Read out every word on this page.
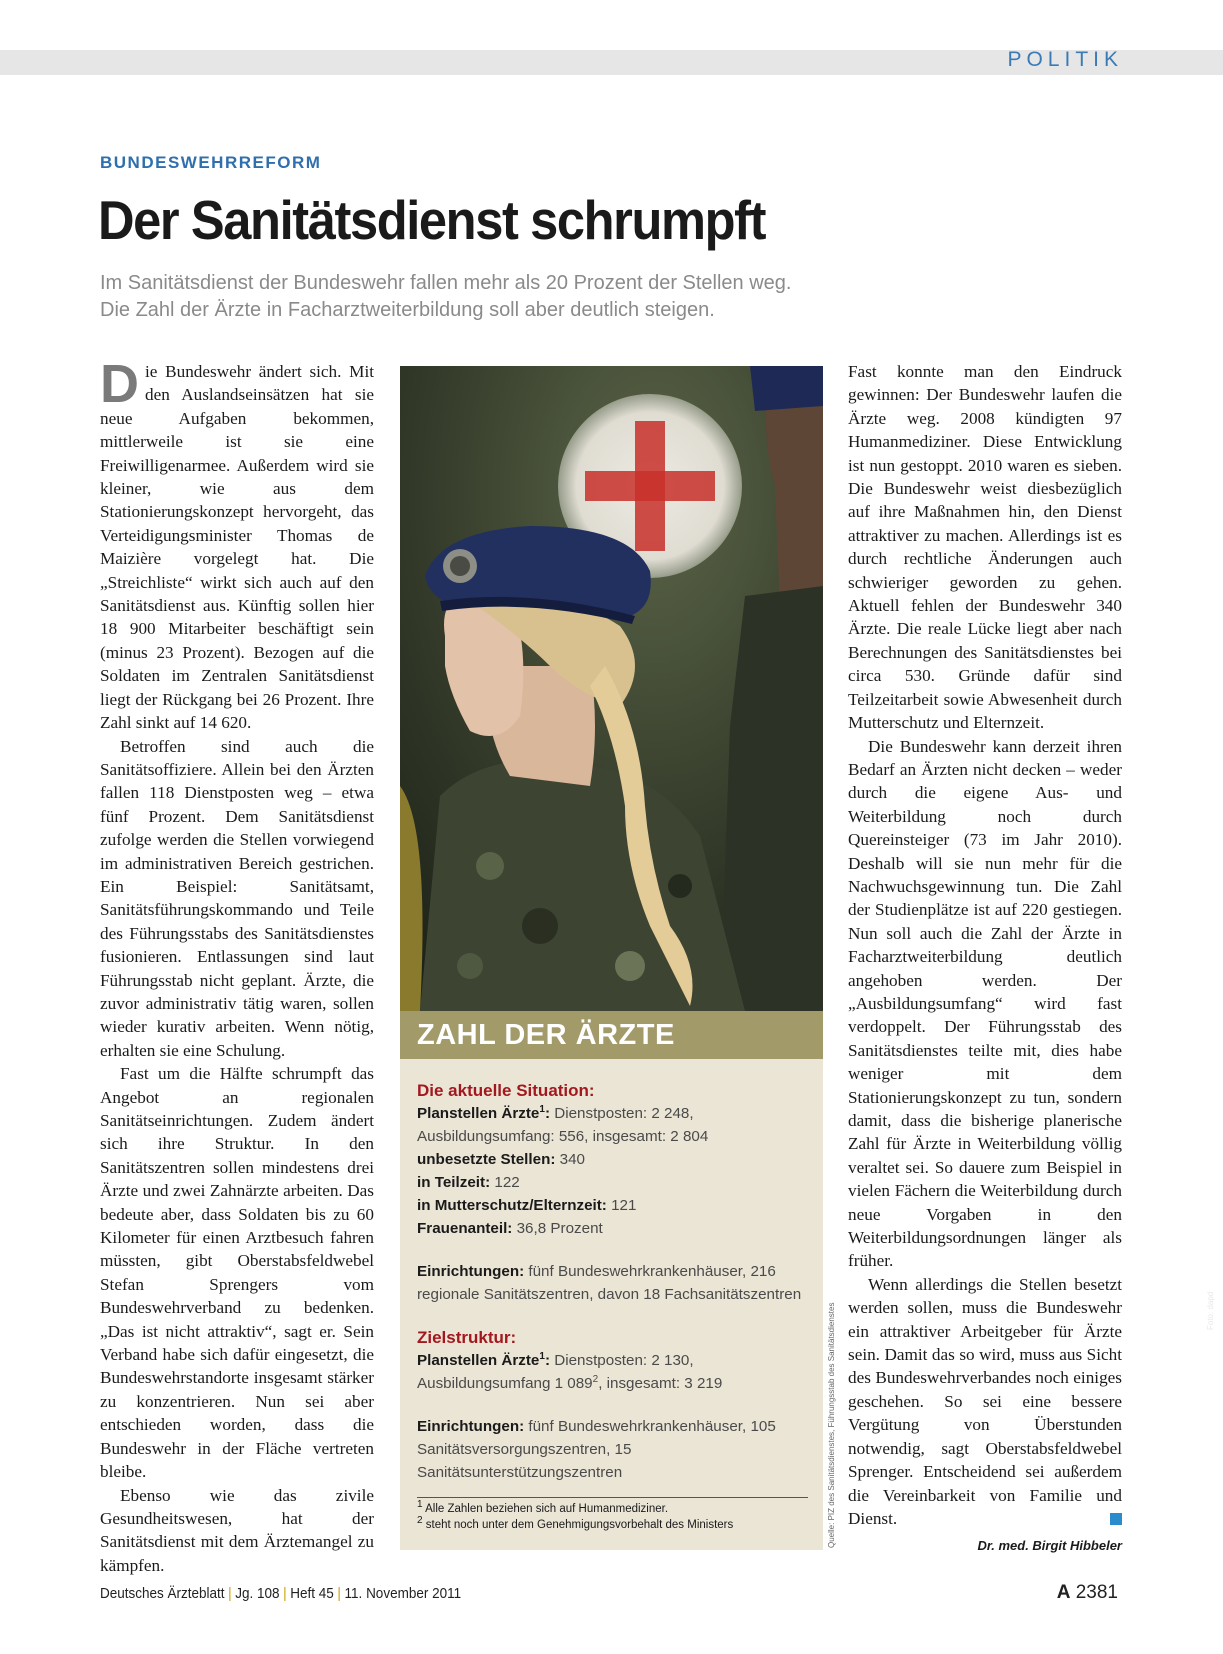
POLITIK
BUNDESWEHRREFORM
Der Sanitätsdienst schrumpft
Im Sanitätsdienst der Bundeswehr fallen mehr als 20 Prozent der Stellen weg.
Die Zahl der Ärzte in Facharztweiterbildung soll aber deutlich steigen.

Die Bundeswehr ändert sich. Mit den Auslandseinsätzen hat sie neue Aufgaben bekommen, mittlerweile ist sie eine Freiwilligenarmee. Außerdem wird sie kleiner, wie aus dem Stationierungskonzept hervorgeht, das Verteidigungsminister Thomas de Maizière vorgelegt hat. Die „Streichliste“ wirkt sich auch auf den Sanitätsdienst aus. Künftig sollen hier 18 900 Mitarbeiter beschäftigt sein (minus 23 Prozent). Bezogen auf die Soldaten im Zentralen Sanitätsdienst liegt der Rückgang bei 26 Prozent. Ihre Zahl sinkt auf 14 620.

Betroffen sind auch die Sanitätsoffiziere. Allein bei den Ärzten fallen 118 Dienstposten weg – etwa fünf Prozent. Dem Sanitätsdienst zufolge werden die Stellen vorwiegend im administrativen Bereich gestrichen. Ein Beispiel: Sanitätsamt, Sanitätsführungskommando und Teile des Führungsstabs des Sanitätsdienstes fusionieren. Entlassungen sind laut Führungsstab nicht geplant. Ärzte, die zuvor administrativ tätig waren, sollen wieder kurativ arbeiten. Wenn nötig, erhalten sie eine Schulung.

Fast um die Hälfte schrumpft das Angebot an regionalen Sanitätseinrichtungen. Zudem ändert sich ihre Struktur. In den Sanitätszentren sollen mindestens drei Ärzte und zwei Zahnärzte arbeiten. Das bedeute aber, dass Soldaten bis zu 60 Kilometer für einen Arztbesuch fahren müssten, gibt Oberstabsfeldwebel Stefan Sprengers vom Bundeswehrverband zu bedenken. „Das ist nicht attraktiv“, sagt er. Sein Verband habe sich dafür eingesetzt, die Bundeswehrstandorte insgesamt stärker zu konzentrieren. Nun sei aber entschieden worden, dass die Bundeswehr in der Fläche vertreten bleibe.

Ebenso wie das zivile Gesundheitswesen, hat der Sanitätsdienst mit dem Ärztemangel zu kämpfen.

Foto: dapd
ZAHL DER ÄRZTE
Die aktuelle Situation:
Planstellen Ärzte$^1$: Dienstposten: 2 248, Ausbildungsumfang: 556, insgesamt: 2 804
unbesetzte Stellen: 340
in Teilzeit: 122
in Mutterschutz/Elternzeit: 121
Frauenanteil: 36,8 Prozent
Einrichtungen: fünf Bundeswehrkrankenhäuser, 216 regionale Sanitätszentren, davon 18 Fachsanitätszentren
Zielstruktur:
Planstellen Ärzte$^1$: Dienstposten: 2 130, Ausbildungsumfang 1 $089^2$, insgesamt: 3 219
Einrichtungen: fünf Bundeswehrkrankenhäuser, 105 Sanitätsversorgungszentren, 15 Sanitätsunterstützungszentren
$^1$ Alle Zahlen beziehen sich auf Humanmediziner.
$^2$ steht noch unter dem Genehmigungsvorbehalt des Ministers	Quelle: PIZ des Sanitätsdienstes, Führungsstab des Sanitätsdienstes

Fast konnte man den Eindruck gewinnen: Der Bundeswehr laufen die Ärzte weg. 2008 kündigten 97 Humanmediziner. Diese Entwicklung ist nun gestoppt. 2010 waren es sieben. Die Bundeswehr weist diesbezüglich auf ihre Maßnahmen hin, den Dienst attraktiver zu machen. Allerdings ist es durch rechtliche Änderungen auch schwieriger geworden zu gehen. Aktuell fehlen der Bundeswehr 340 Ärzte. Die reale Lücke liegt aber nach Berechnungen des Sanitätsdienstes bei circa 530. Gründe dafür sind Teilzeitarbeit sowie Abwesenheit durch Mutterschutz und Elternzeit.

Die Bundeswehr kann derzeit ihren Bedarf an Ärzten nicht decken – weder durch die eigene Aus- und Weiterbildung noch durch Quereinsteiger (73 im Jahr 2010). Deshalb will sie nun mehr für die Nachwuchsgewinnung tun. Die Zahl der Studienplätze ist auf 220 gestiegen. Nun soll auch die Zahl der Ärzte in Facharztweiterbildung deutlich angehoben werden. Der „Ausbildungsumfang“ wird fast verdoppelt. Der Führungsstab des Sanitätsdienstes teilte mit, dies habe weniger mit dem Stationierungskonzept zu tun, sondern damit, dass die bisherige planerische Zahl für Ärzte in Weiterbildung völlig veraltet sei. So dauere zum Beispiel in vielen Fächern die Weiterbildung durch neue Vorgaben in den Weiterbildungsordnungen länger als früher.

Wenn allerdings die Stellen besetzt werden sollen, muss die Bundeswehr ein attraktiver Arbeitgeber für Ärzte sein. Damit das so wird, muss aus Sicht des Bundeswehrverbandes noch einiges geschehen. So sei eine bessere Vergütung von Überstunden notwendig, sagt Oberstabsfeldwebel Sprenger. Entscheidend sei außerdem die Vereinbarkeit von Familie und Dienst.

Dr. med. Birgit Hibbeler
Deutsches Ärzteblatt | Jg. 108 | Heft 45 | 11. November 2011	A 2381
